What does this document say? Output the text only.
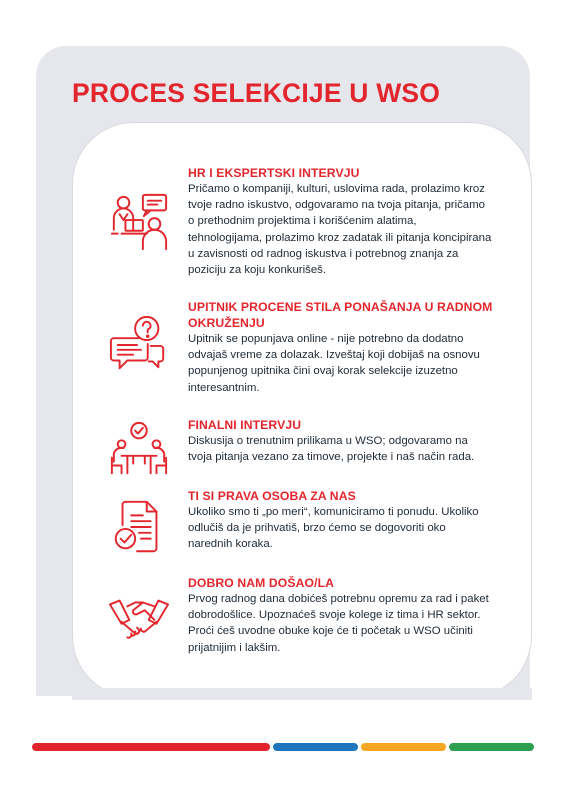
PROCES SELEKCIJE U WSO
HR I EKSPERTSKI INTERVJU

Pričamo o kompaniji, kulturi, uslovima rada, prolazimo kroz tvoje radno iskustvo, odgovaramo na tvoja pitanja, pričamo o prethodnim projektima i korišćenim alatima, tehnologijama, prolazimo kroz zadatak ili pitanja koncipirana u zavisnosti od radnog iskustva i potrebnog znanja za poziciju za koju konkurišeš.

UPITNIK PROCENE STILA PONAŠANJA U RADNOM OKRUŽENJU

Upitnik se popunjava online - nije potrebno da dodatno odvajaš vreme za dolazak. Izveštaj koji dobijaš na osnovu popunjenog upitnika čini ovaj korak selekcije izuzetno interesantnim.

FINALNI INTERVJU

Diskusija o trenutnim prilikama u WSO; odgovaramo na tvoja pitanja vezano za timove, projekte i naš način rada.

TI SI PRAVA OSOBA ZA NAS

Ukoliko smo ti „po meri“, komuniciramo ti ponudu. Ukoliko odlučiš da je prihvatiš, brzo ćemo se dogovoriti oko narednih koraka.

DOBRO NAM DOŠAO/LA

Prvog radnog dana dobićeš potrebnu opremu za rad i paket dobrodošlice. Upoznaćeš svoje kolege iz tima i HR sektor. Proći ćeš uvodne obuke koje će ti početak u WSO učiniti prijatnijim i lakšim.
